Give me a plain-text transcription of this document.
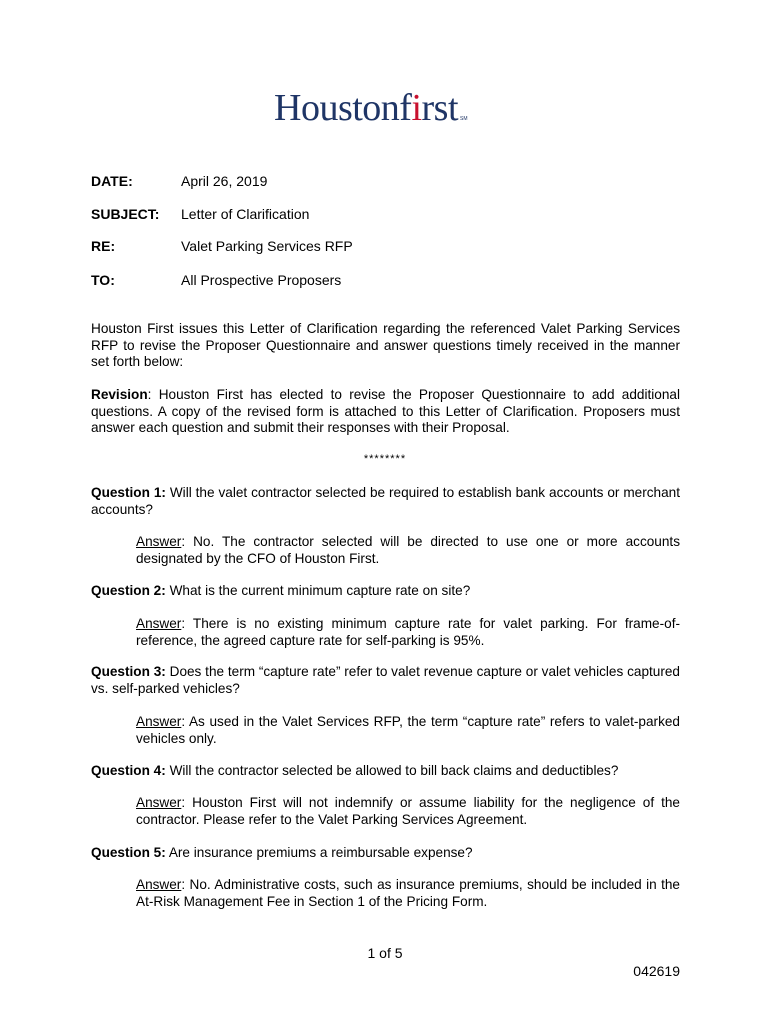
Houstonfirst SM
DATE:	April 26, 2019
SUBJECT: Letter of Clarification
RE:	Valet Parking Services RFP
TO:	All Prospective Proposers
Houston First issues this Letter of Clarification regarding the referenced Valet Parking Services RFP to revise the Proposer Questionnaire and answer questions timely received in the manner set forth below:
Revision: Houston First has elected to revise the Proposer Questionnaire to add additional questions. A copy of the revised form is attached to this Letter of Clarification. Proposers must answer each question and submit their responses with their Proposal.
********
Question 1: Will the valet contractor selected be required to establish bank accounts or merchant accounts?
Answer: No. The contractor selected will be directed to use one or more accounts designated by the CFO of Houston First.
Question 2: What is the current minimum capture rate on site?
Answer: There is no existing minimum capture rate for valet parking. For frame-of-reference, the agreed capture rate for self-parking is 95%.
Question 3: Does the term “capture rate” refer to valet revenue capture or valet vehicles captured vs. self-parked vehicles?
Answer: As used in the Valet Services RFP, the term “capture rate” refers to valet-parked vehicles only.
Question 4: Will the contractor selected be allowed to bill back claims and deductibles?
Answer: Houston First will not indemnify or assume liability for the negligence of the contractor. Please refer to the Valet Parking Services Agreement.
Question 5: Are insurance premiums a reimbursable expense?
Answer: No. Administrative costs, such as insurance premiums, should be included in the At-Risk Management Fee in Section 1 of the Pricing Form.
1 of 5
042619
